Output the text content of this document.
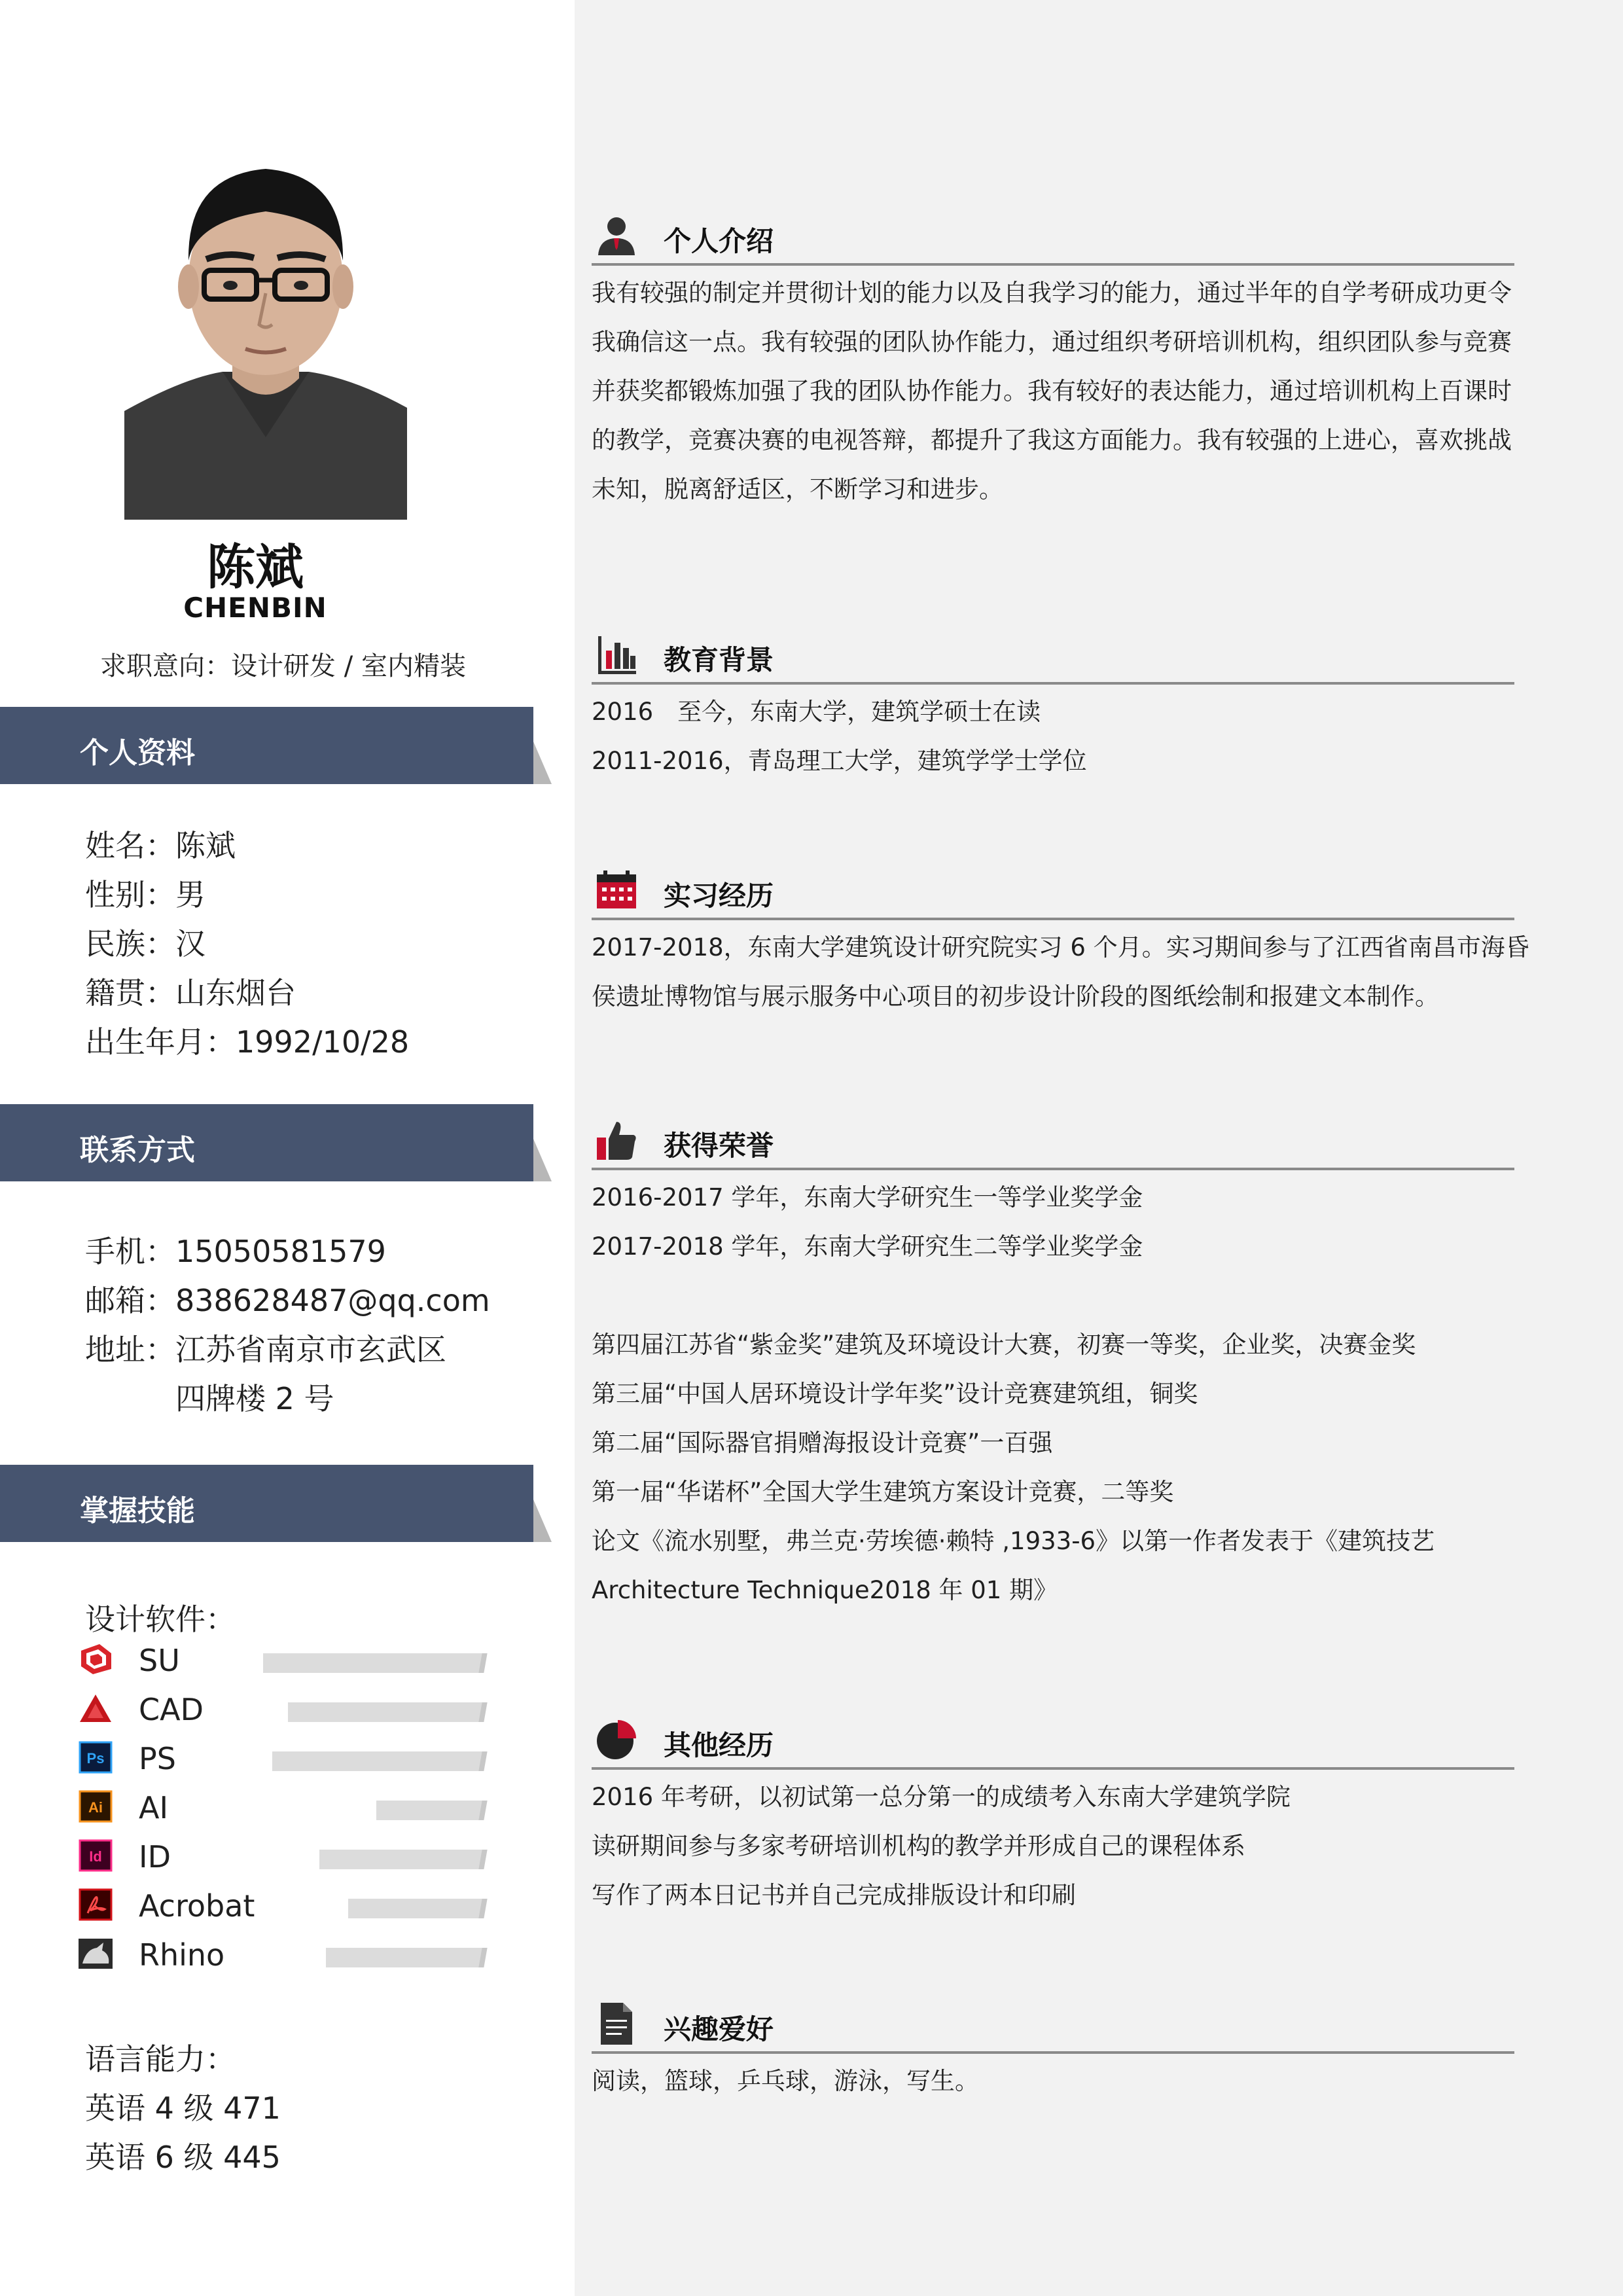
陈斌
CHENBIN
求职意向：设计研发 / 室内精装
个人资料
姓名：陈斌
性别：男
民族：汉
籍贯：山东烟台
出生年月：1992/10/28
联系方式
手机：15050581579
邮箱：838628487@qq.com
地址：江苏省南京市玄武区
四牌楼 2 号
掌握技能
设计软件：
SU
CAD
Ps PS
Ai AI
Id ID
Acrobat
Rhino
语言能力：
英语 4 级 471
英语 6 级 445
个人介绍

我有较强的制定并贯彻计划的能力以及自我学习的能力，通过半年的自学考研成功更令我确信这一点。我有较强的团队协作能力，通过组织考研培训机构，组织团队参与竞赛并获奖都锻炼加强了我的团队协作能力。我有较好的表达能力，通过培训机构上百课时的教学，竞赛决赛的电视答辩，都提升了我这方面能力。我有较强的上进心，喜欢挑战未知，脱离舒适区，不断学习和进步。

教育背景
2016　至今，东南大学，建筑学硕士在读
2011-2016，青岛理工大学，建筑学学士学位
实习经历
2017-2018，东南大学建筑设计研究院实习 6 个月。实习期间参与了江西省南昌市海昏
侯遗址博物馆与展示服务中心项目的初步设计阶段的图纸绘制和报建文本制作。
获得荣誉
2016-2017 学年，东南大学研究生一等学业奖学金
2017-2018 学年，东南大学研究生二等学业奖学金
第四届江苏省“紫金奖”建筑及环境设计大赛，初赛一等奖，企业奖，决赛金奖
第三届“中国人居环境设计学年奖”设计竞赛建筑组，铜奖
第二届“国际器官捐赠海报设计竞赛”一百强
第一届“华诺杯”全国大学生建筑方案设计竞赛，二等奖
论文《流水别墅，弗兰克·劳埃德·赖特 ,1933-6》以第一作者发表于《建筑技艺
Architecture Technique2018 年 01 期》
其他经历
2016 年考研，以初试第一总分第一的成绩考入东南大学建筑学院
读研期间参与多家考研培训机构的教学并形成自己的课程体系
写作了两本日记书并自己完成排版设计和印刷
兴趣爱好
阅读，篮球，乒乓球，游泳，写生。
